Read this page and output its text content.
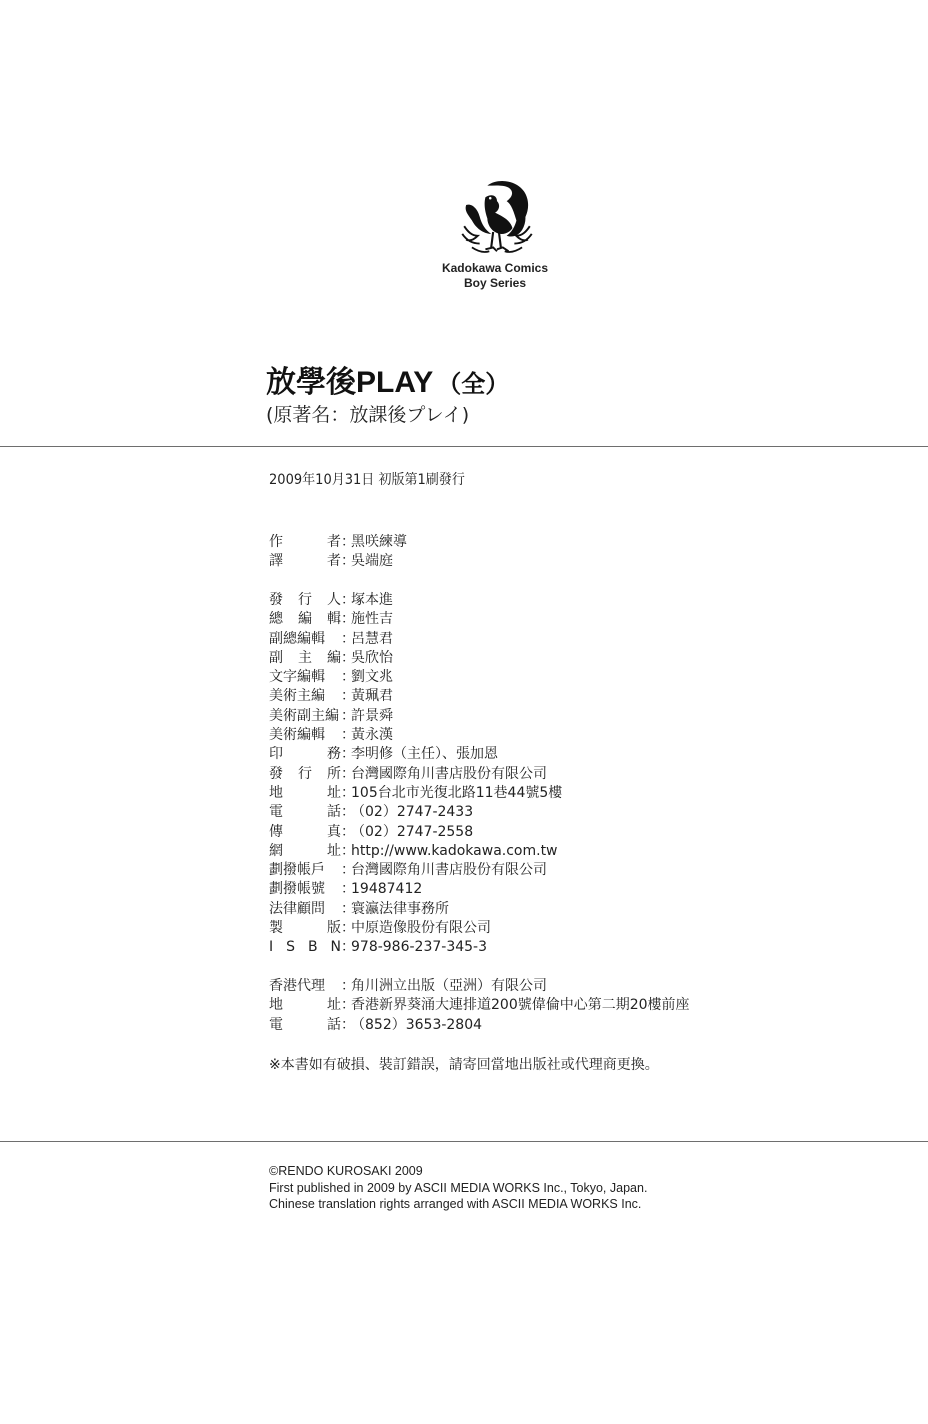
Kadokawa Comics
Boy Series
放學後PLAY （全）
(原著名：放課後プレイ)
2009年10月31日 初版第1刷發行
作	者 ：
黑咲練導
譯	者 ：
吳端庭
發 行 人 ：
塚本進
總 編 輯 ：
施性吉
副總編輯 ：
呂慧君
副 主 編 ：
吳欣怡
文字編輯 ：
劉文兆
美術主編 ：
黃珮君
美術副主編 ：
許景舜
美術編輯 ：
黃永漢
印	務 ：
李明修（主任）、張加恩
發 行 所 ：
台灣國際角川書店股份有限公司
地	址 ：
105台北市光復北路11巷44號5樓
電	話 ：
（02）2747-2433
傳	真 ：
（02）2747-2558
網	址 ：
http://www.kadokawa.com.tw
劃撥帳戶 ：
台灣國際角川書店股份有限公司
劃撥帳號 ：
19487412
法律顧問 ：
寰瀛法律事務所
製	版 ：
中原造像股份有限公司
I S B N ：
978-986-237-345-3
香港代理 ：
角川洲立出版（亞洲）有限公司
地	址 ：
香港新界葵涌大連排道200號偉倫中心第二期20樓前座
電	話 ：
（852）3653-2804
※本書如有破損、裝訂錯誤，請寄回當地出版社或代理商更換。
©RENDO KUROSAKI 2009
First published in 2009 by ASCII MEDIA WORKS Inc., Tokyo, Japan.
Chinese translation rights arranged with ASCII MEDIA WORKS Inc.
